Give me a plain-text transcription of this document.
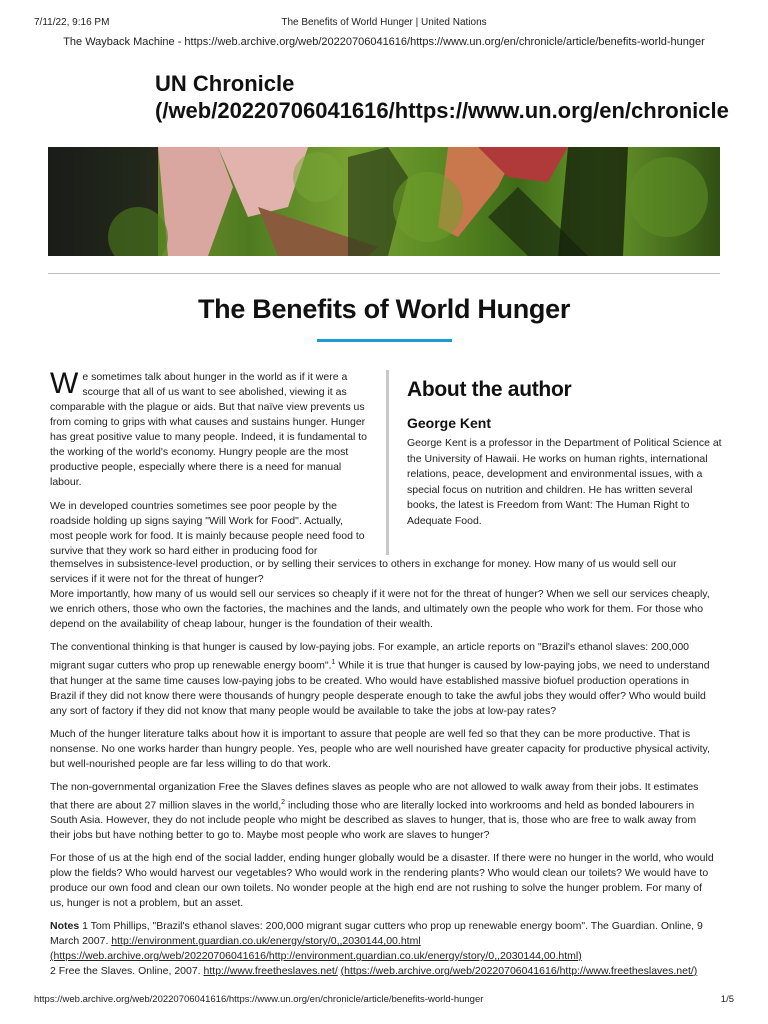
7/11/22, 9:16 PM	The Benefits of World Hunger | United Nations
The Wayback Machine - https://web.archive.org/web/20220706041616/https://www.un.org/en/chronicle/article/benefits-world-hunger
UN Chronicle
(/web/20220706041616/https://www.un.org/en/chronicle
The Benefits of World Hunger

We sometimes talk about hunger in the world as if it were a scourge that all of us want to see abolished, viewing it as comparable with the plague or aids. But that naïve view prevents us from coming to grips with what causes and sustains hunger. Hunger has great positive value to many people. Indeed, it is fundamental to the working of the world's economy. Hungry people are the most productive people, especially where there is a need for manual labour.

We in developed countries sometimes see poor people by the roadside holding up signs saying "Will Work for Food". Actually, most people work for food. It is mainly because people need food to survive that they work so hard either in producing food for

About the author
George Kent

George Kent is a professor in the Department of Political Science at the University of Hawaii. He works on human rights, international relations, peace, development and environmental issues, with a special focus on nutrition and children. He has written several books, the latest is Freedom from Want: The Human Right to Adequate Food.

themselves in subsistence-level production, or by selling their services to others in exchange for money. How many of us would sell our services if it were not for the threat of hunger?

More importantly, how many of us would sell our services so cheaply if it were not for the threat of hunger? When we sell our services cheaply, we enrich others, those who own the factories, the machines and the lands, and ultimately own the people who work for them. For those who depend on the availability of cheap labour, hunger is the foundation of their wealth.

The conventional thinking is that hunger is caused by low-paying jobs. For example, an article reports on "Brazil's ethanol slaves: 200,000 migrant sugar cutters who prop up renewable energy boom".$^1$ While it is true that hunger is caused by low-paying jobs, we need to understand that hunger at the same time causes low-paying jobs to be created. Who would have established massive biofuel production operations in Brazil if they did not know there were thousands of hungry people desperate enough to take the awful jobs they would offer? Who would build any sort of factory if they did not know that many people would be available to take the jobs at low-pay rates?

Much of the hunger literature talks about how it is important to assure that people are well fed so that they can be more productive. That is nonsense. No one works harder than hungry people. Yes, people who are well nourished have greater capacity for productive physical activity, but well-nourished people are far less willing to do that work.

The non-governmental organization Free the Slaves defines slaves as people who are not allowed to walk away from their jobs. It estimates that there are about 27 million slaves in the world,$^2$ including those who are literally locked into workrooms and held as bonded labourers in South Asia. However, they do not include people who might be described as slaves to hunger, that is, those who are free to walk away from their jobs but have nothing better to go to. Maybe most people who work are slaves to hunger?

For those of us at the high end of the social ladder, ending hunger globally would be a disaster. If there were no hunger in the world, who would plow the fields? Who would harvest our vegetables? Who would work in the rendering plants? Who would clean our toilets? We would have to produce our own food and clean our own toilets. No wonder people at the high end are not rushing to solve the hunger problem. For many of us, hunger is not a problem, but an asset.

Notes 1 Tom Phillips, "Brazil's ethanol slaves: 200,000 migrant sugar cutters who prop up renewable energy boom". The Guardian. Online, 9 March 2007. http://environment.guardian.co.uk/energy/story/0,,2030144,00.html
(https://web.archive.org/web/20220706041616/http://environment.guardian.co.uk/energy/story/0,,2030144,00.html)
2 Free the Slaves. Online, 2007. http://www.freetheslaves.net/ (https://web.archive.org/web/20220706041616/http://www.freetheslaves.net/)
https://web.archive.org/web/20220706041616/https://www.un.org/en/chronicle/article/benefits-world-hunger	1/5
